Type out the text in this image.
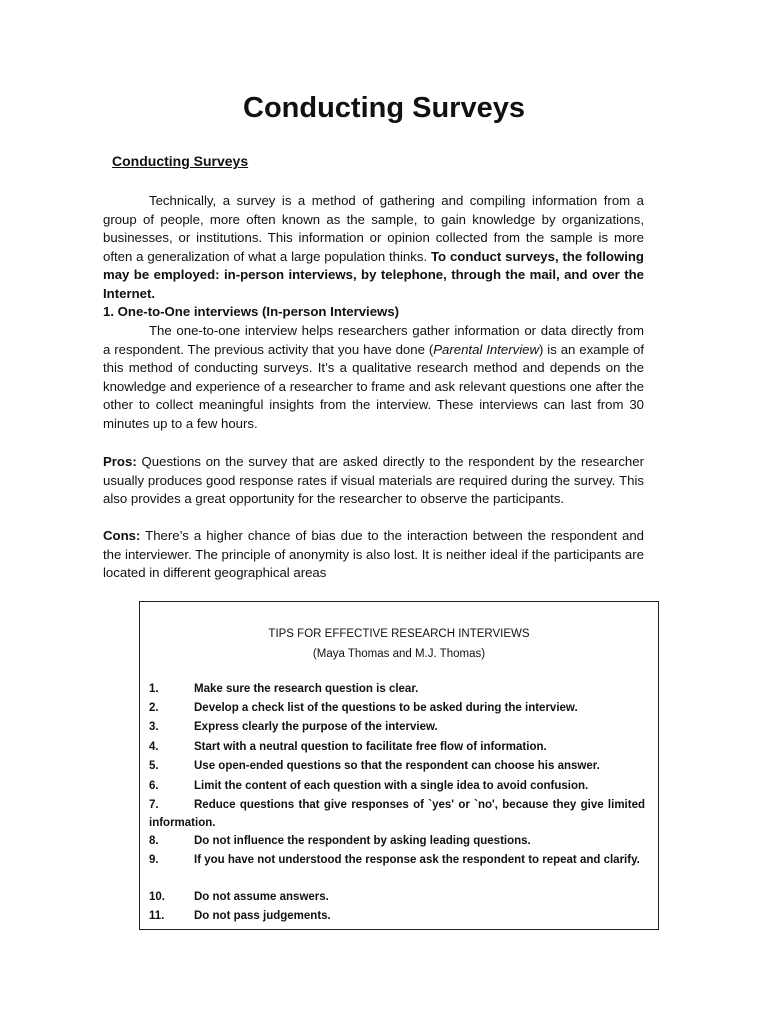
Conducting Surveys

Conducting Surveys

Technically, a survey is a method of gathering and compiling information from a group of people, more often known as the sample, to gain knowledge by organizations, businesses, or institutions. This information or opinion collected from the sample is more often a generalization of what a large population thinks. To conduct surveys, the following may be employed: in-person interviews, by telephone, through the mail, and over the Internet.

1. One-to-One interviews (In-person Interviews)

The one-to-one interview helps researchers gather information or data directly from a respondent. The previous activity that you have done (Parental Interview) is an example of this method of conducting surveys. It’s a qualitative research method and depends on the knowledge and experience of a researcher to frame and ask relevant questions one after the other to collect meaningful insights from the interview. These interviews can last from 30 minutes up to a few hours.

Pros: Questions on the survey that are asked directly to the respondent by the researcher usually produces good response rates if visual materials are required during the survey. This also provides a great opportunity for the researcher to observe the participants.

Cons: There’s a higher chance of bias due to the interaction between the respondent and the interviewer. The principle of anonymity is also lost. It is neither ideal if the participants are located in different geographical areas

TIPS FOR EFFECTIVE RESEARCH INTERVIEWS

(Maya Thomas and M.J. Thomas)

1.	Make sure the research question is clear.

2.	Develop a check list of the questions to be asked during the interview.

3.	Express clearly the purpose of the interview.

4.	Start with a neutral question to facilitate free flow of information.

5.	Use open-ended questions so that the respondent can choose his answer.

6.	Limit the content of each question with a single idea to avoid confusion.

7.	Reduce questions that give responses of `yes' or `no', because they give limited information.

8.	Do not influence the respondent by asking leading questions.

9.	If you have not understood the response ask the respondent to repeat and clarify.

10.	Do not assume answers.

11.	Do not pass judgements.
